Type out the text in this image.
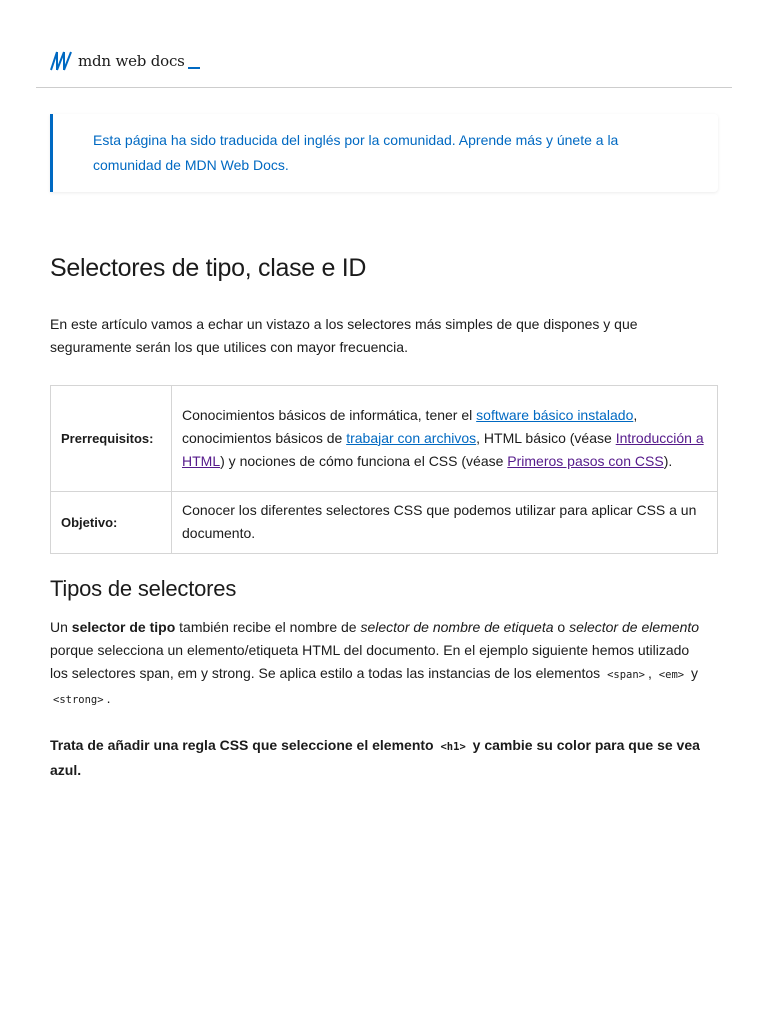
mdn web docs

Esta página ha sido traducida del inglés por la comunidad. Aprende más y únete a la comunidad de MDN Web Docs.

Selectores de tipo, clase e ID

En este artículo vamos a echar un vistazo a los selectores más simples de que dispones y que seguramente serán los que utilices con mayor frecuencia.

Prerrequisitos:	Conocimientos básicos de informática, tener el software básico instalado, conocimientos básicos de trabajar con archivos, HTML básico (véase Introducción a HTML) y nociones de cómo funciona el CSS (véase Primeros pasos con CSS).
Objetivo:	Conocer los diferentes selectores CSS que podemos utilizar para aplicar CSS a un documento.
Tipos de selectores

Un selector de tipo también recibe el nombre de selector de nombre de etiqueta o selector de elemento porque selecciona un elemento/etiqueta HTML del documento. En el ejemplo siguiente hemos utilizado los selectores span, em y strong. Se aplica estilo a todas las instancias de los elementos <span> , <em> y <strong> .

Trata de añadir una regla CSS que seleccione el elemento <h1> y cambie su color para que se vea azul.
